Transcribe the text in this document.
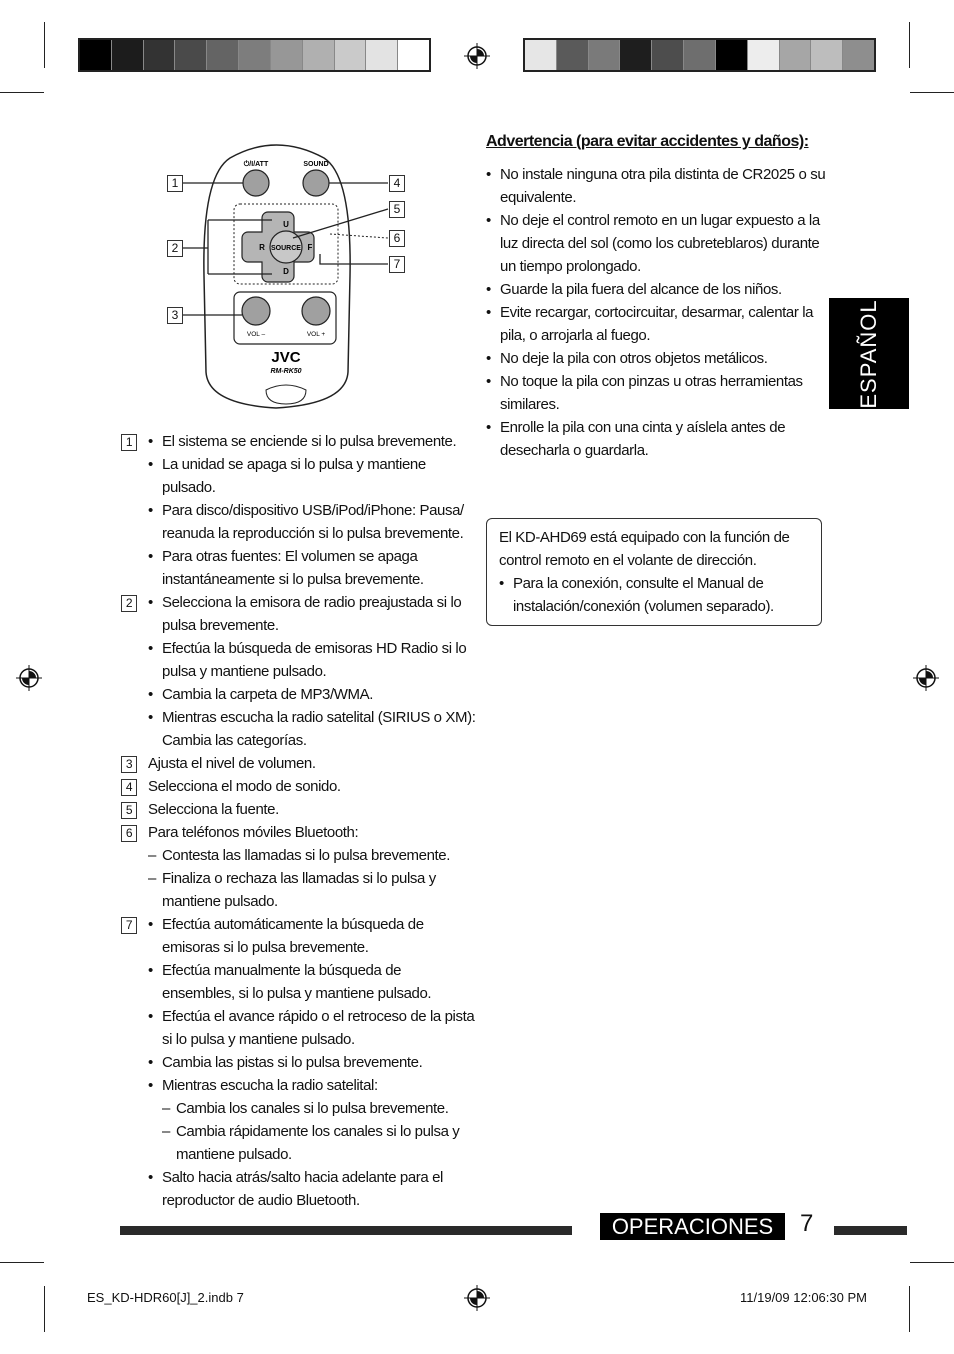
⏻/I/ATT	SOUND
SOURCE
U
D
R	F
VOL –	VOL +
JVC
RM-RK50
1
2
3
4
5
6
7
1	• El sistema se enciende si lo pulsa brevemente.
• La unidad se apaga si lo pulsa y mantiene
pulsado.
• Para disco/dispositivo USB/iPod/iPhone: Pausa/
reanuda la reproducción si lo pulsa brevemente.
• Para otras fuentes: El volumen se apaga
instantáneamente si lo pulsa brevemente.
2	• Selecciona la emisora de radio preajustada si lo
pulsa brevemente.
• Efectúa la búsqueda de emisoras HD Radio si lo
pulsa y mantiene pulsado.
• Cambia la carpeta de MP3/WMA.
• Mientras escucha la radio satelital (SIRIUS o XM):
Cambia las categorías.
3	Ajusta el nivel de volumen.
4	Selecciona el modo de sonido.
5	Selecciona la fuente.
6	Para teléfonos móviles Bluetooth:
– Contesta las llamadas si lo pulsa brevemente.
– Finaliza o rechaza las llamadas si lo pulsa y
mantiene pulsado.
7	• Efectúa automáticamente la búsqueda de
emisoras si lo pulsa brevemente.
• Efectúa manualmente la búsqueda de
ensembles, si lo pulsa y mantiene pulsado.
• Efectúa el avance rápido o el retroceso de la pista
si lo pulsa y mantiene pulsado.
• Cambia las pistas si lo pulsa brevemente.
• Mientras escucha la radio satelital:
– Cambia los canales si lo pulsa brevemente.
– Cambia rápidamente los canales si lo pulsa y
mantiene pulsado.
• Salto hacia atrás/salto hacia adelante para el
reproductor de audio Bluetooth.
Advertencia (para evitar accidentes y daños):
• No instale ninguna otra pila distinta de CR2025 o su
equivalente.
• No deje el control remoto en un lugar expuesto a la
luz directa del sol (como los cubreteblaros) durante
un tiempo prolongado.
• Guarde la pila fuera del alcance de los niños.
• Evite recargar, cortocircuitar, desarmar, calentar la
pila, o arrojarla al fuego.
• No deje la pila con otros objetos metálicos.
• No toque la pila con pinzas u otras herramientas
similares.
• Enrolle la pila con una cinta y aíslela antes de
desecharla o guardarla.
El KD-AHD69 está equipado con la función de
control remoto en el volante de dirección.
• Para la conexión, consulte el Manual de
instalación/conexión (volumen separado).
ESPAÑOL
OPERACIONES	7
ES_KD-HDR60[J]_2.indb 7	11/19/09 12:06:30 PM
